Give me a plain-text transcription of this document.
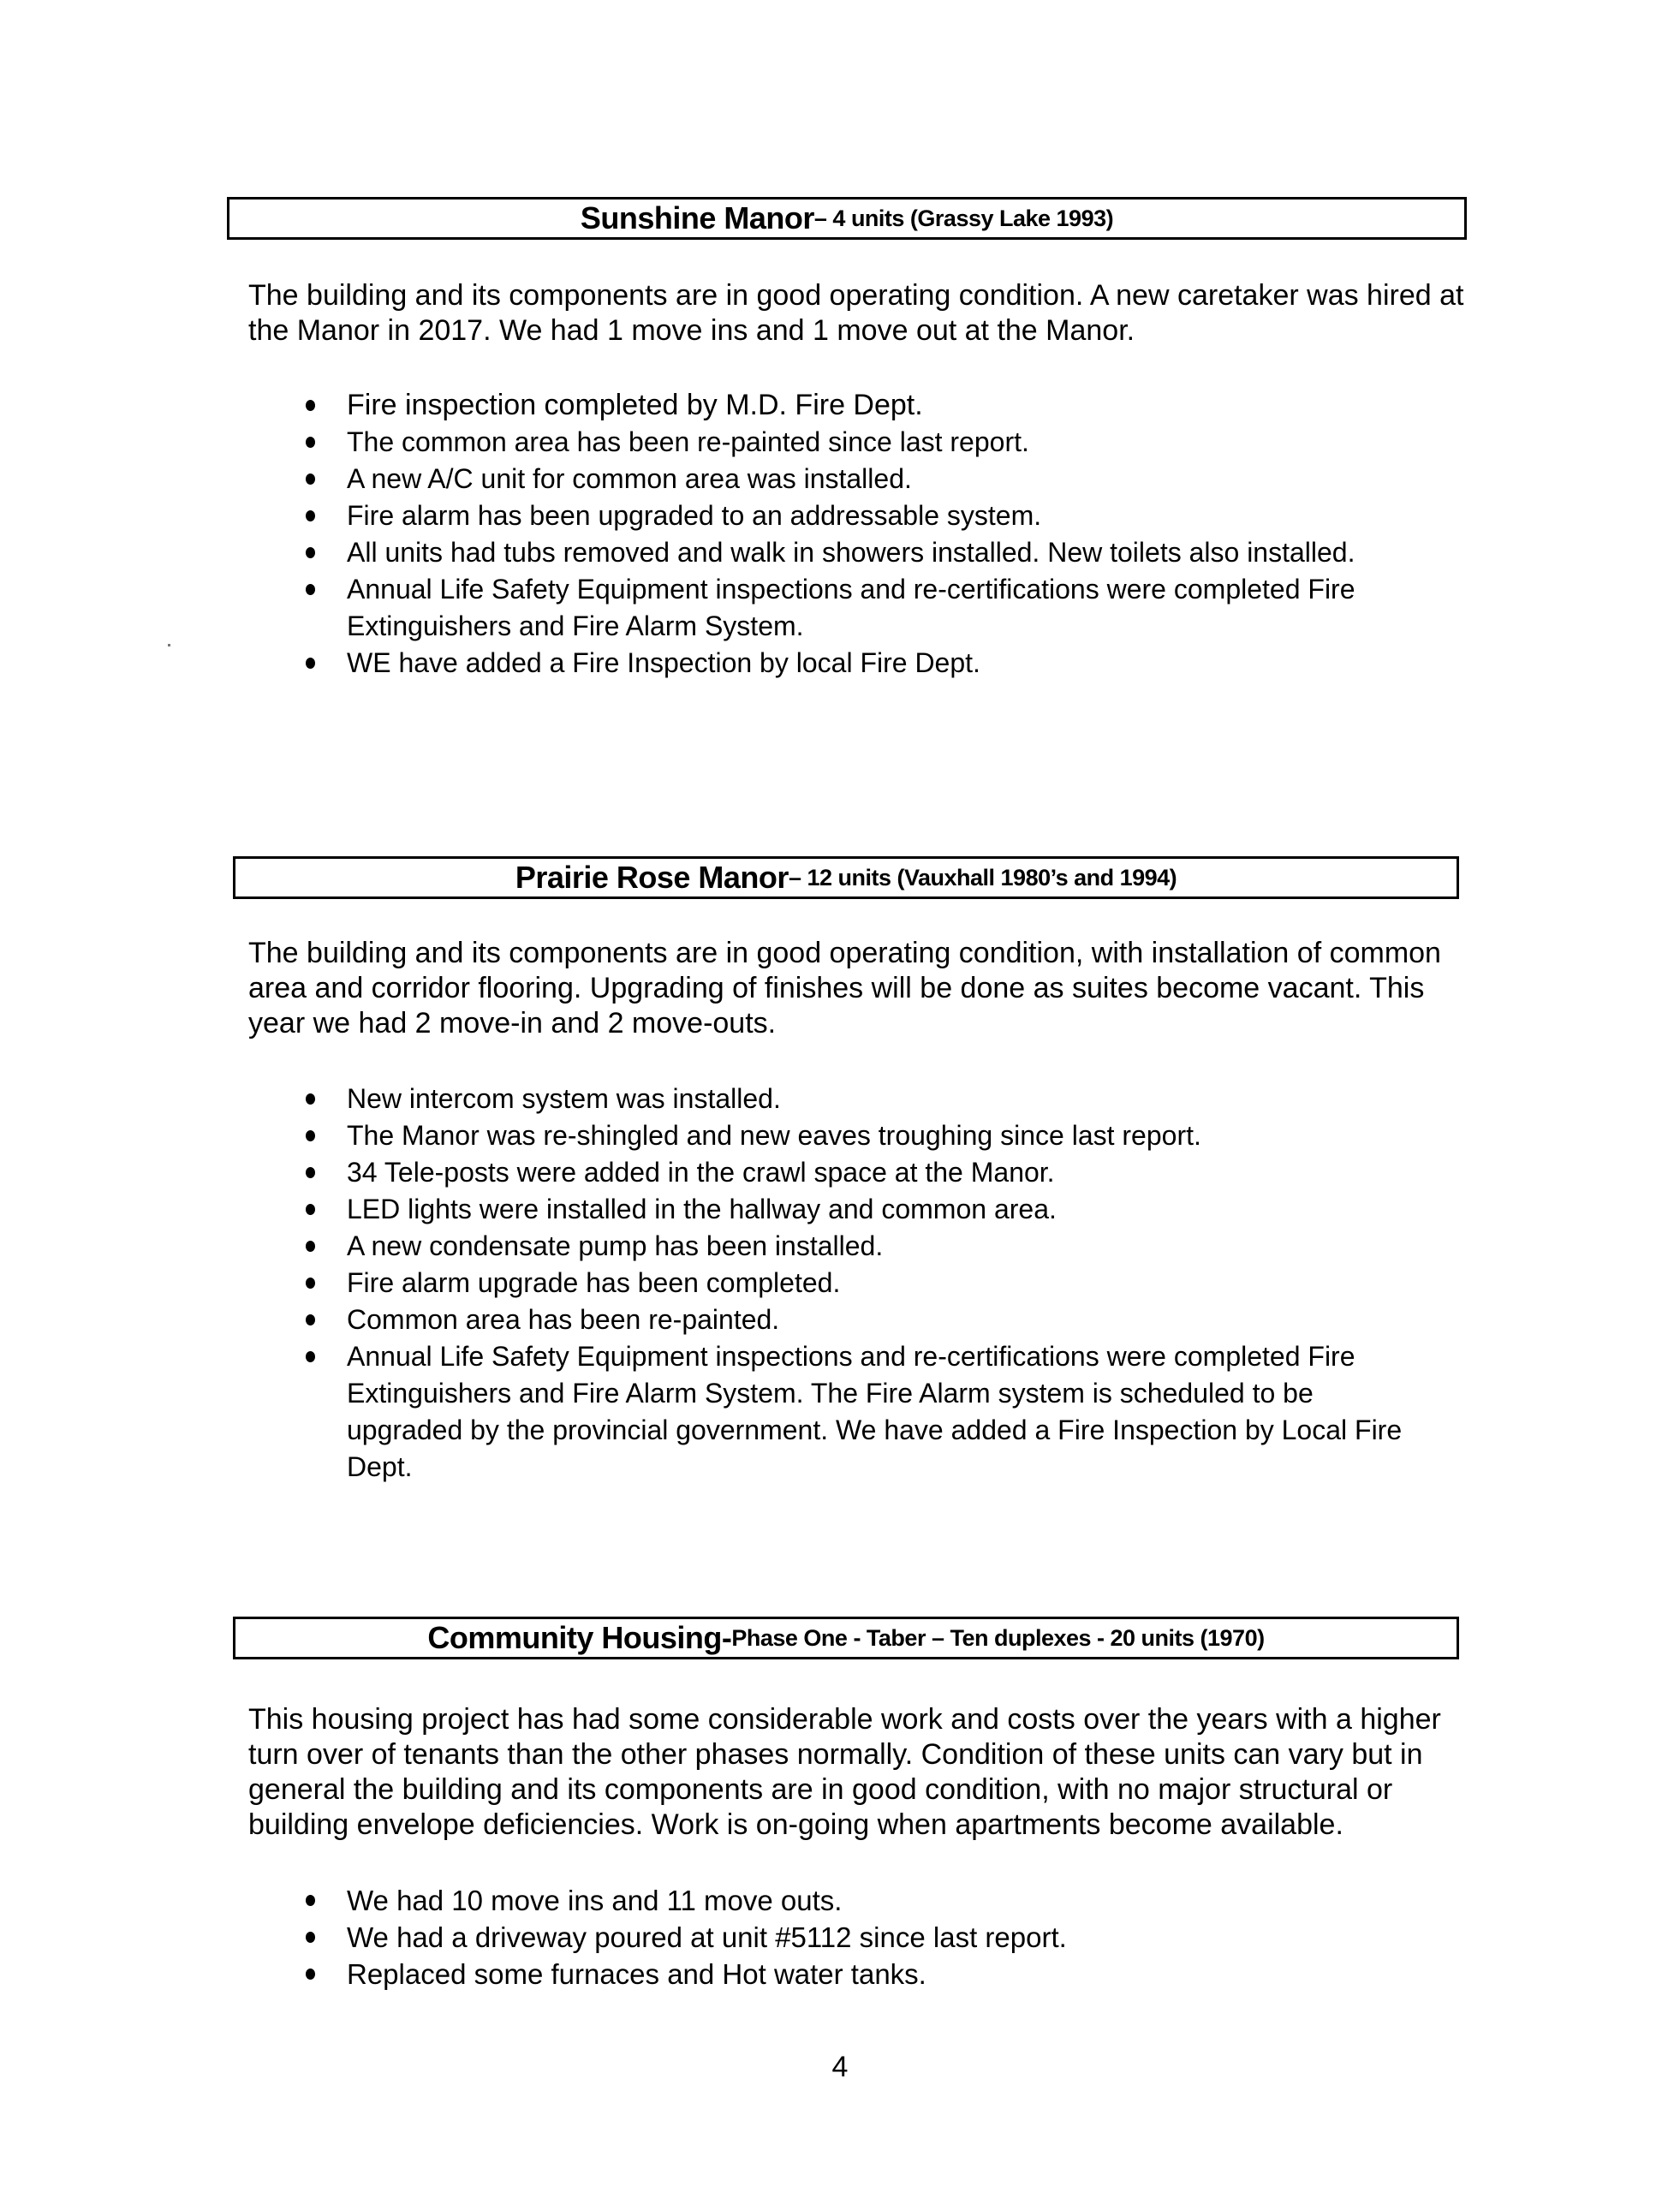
Sunshine Manor – 4 units (Grassy Lake 1993)

The building and its components are in good operating condition. A new caretaker was hired at the Manor in 2017. We had 1 move ins and 1 move out at the Manor.

Fire inspection completed by M.D. Fire Dept.
The common area has been re-painted since last report.
A new A/C unit for common area was installed.
Fire alarm has been upgraded to an addressable system.
All units had tubs removed and walk in showers installed. New toilets also installed.
Annual Life Safety Equipment inspections and re-certifications were completed Fire Extinguishers and Fire Alarm System.
WE have added a Fire Inspection by local Fire Dept.
Prairie Rose Manor – 12 units (Vauxhall 1980’s and 1994)

The building and its components are in good operating condition, with installation of common area and corridor flooring. Upgrading of finishes will be done as suites become vacant. This year we had 2 move-in and 2 move-outs.

New intercom system was installed.
The Manor was re-shingled and new eaves troughing since last report.
34 Tele-posts were added in the crawl space at the Manor.
LED lights were installed in the hallway and common area.
A new condensate pump has been installed.
Fire alarm upgrade has been completed.
Common area has been re-painted.
Annual Life Safety Equipment inspections and re-certifications were completed Fire Extinguishers and Fire Alarm System. The Fire Alarm system is scheduled to be upgraded by the provincial government. We have added a Fire Inspection by Local Fire Dept.
Community Housing- Phase One - Taber – Ten duplexes - 20 units (1970)

This housing project has had some considerable work and costs over the years with a higher turn over of tenants than the other phases normally. Condition of these units can vary but in general the building and its components are in good condition, with no major structural or building envelope deficiencies. Work is on-going when apartments become available.

We had 10 move ins and 11 move outs.
We had a driveway poured at unit #5112 since last report.
Replaced some furnaces and Hot water tanks.
4
